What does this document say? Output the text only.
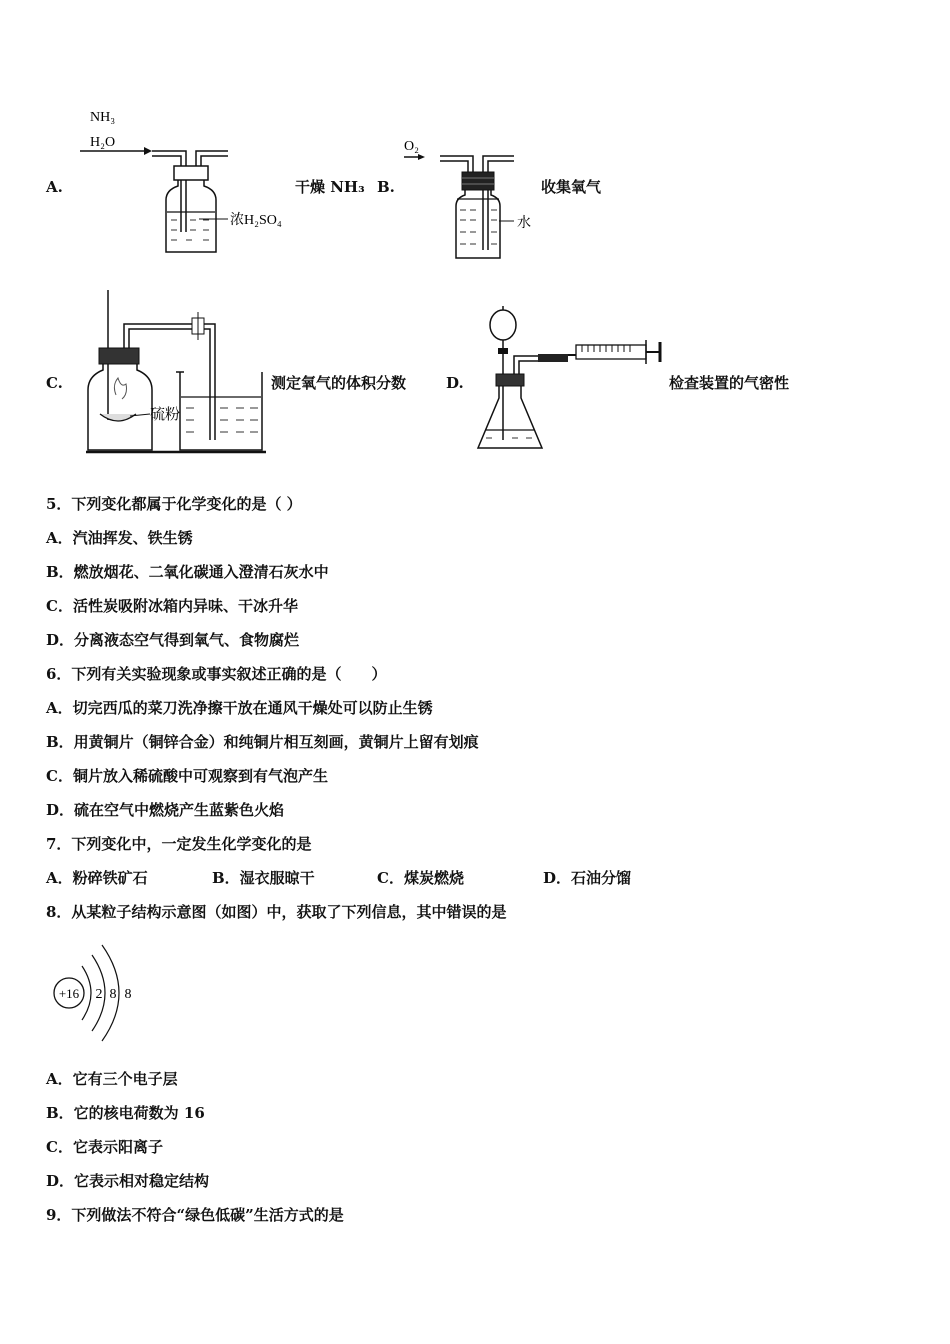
A.
NH₃
H₂O
浓H₂SO₄
干燥 NH₃ B.
O₂
水
收集氧气
C.
硫粉
测定氧气的体积分数	D.	检查装置的气密性
5．下列变化都属于化学变化的是（ ）
A．汽油挥发、铁生锈
B．燃放烟花、二氧化碳通入澄清石灰水中
C．活性炭吸附冰箱内异味、干冰升华
D．分离液态空气得到氧气、食物腐烂
6．下列有关实验现象或事实叙述正确的是（　　）
A．切完西瓜的菜刀洗净擦干放在通风干燥处可以防止生锈
B．用黄铜片（铜锌合金）和纯铜片相互刻画，黄铜片上留有划痕
C．铜片放入稀硫酸中可观察到有气泡产生
D．硫在空气中燃烧产生蓝紫色火焰
7．下列变化中，一定发生化学变化的是
A．粉碎铁矿石	B．湿衣服晾干	C．煤炭燃烧	D．石油分馏
8．从某粒子结构示意图（如图）中，获取了下列信息，其中错误的是
+16 2 8 8
A．它有三个电子层
B．它的核电荷数为 16
C．它表示阳离子
D．它表示相对稳定结构
9．下列做法不符合“绿色低碳”生活方式的是
